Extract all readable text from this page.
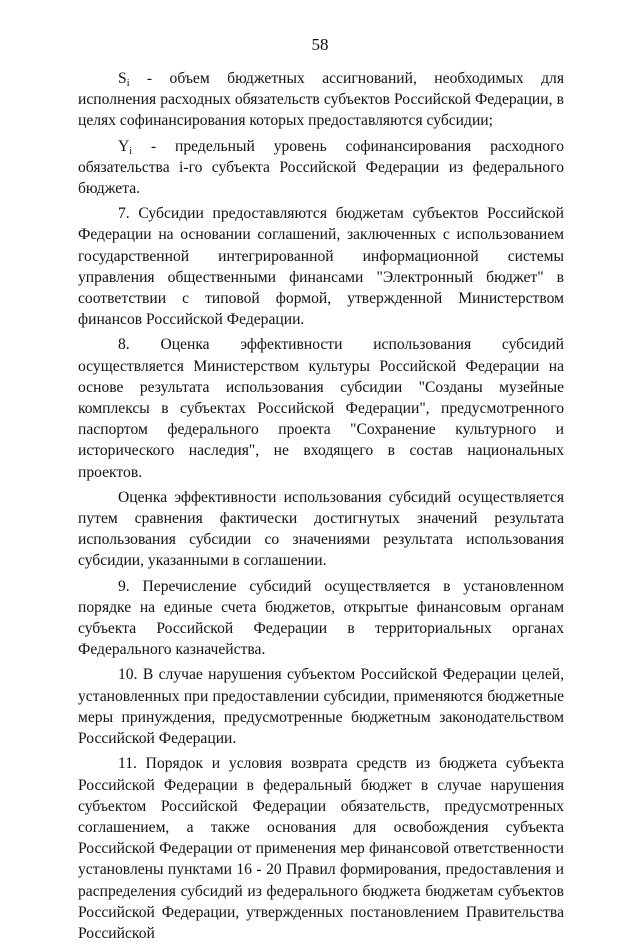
58

$S_i$ - объем бюджетных ассигнований, необходимых для исполнения расходных обязательств субъектов Российской Федерации, в целях софинансирования которых предоставляются субсидии;

$Y_i$ - предельный уровень софинансирования расходного обязательства i-го субъекта Российской Федерации из федерального бюджета.

7. Субсидии предоставляются бюджетам субъектов Российской Федерации на основании соглашений, заключенных с использованием государственной интегрированной информационной системы управления общественными финансами "Электронный бюджет" в соответствии с типовой формой, утвержденной Министерством финансов Российской Федерации.

8. Оценка эффективности использования субсидий осуществляется Министерством культуры Российской Федерации на основе результата использования субсидии "Созданы музейные комплексы в субъектах Российской Федерации", предусмотренного паспортом федерального проекта "Сохранение культурного и исторического наследия", не входящего в состав национальных проектов.

Оценка эффективности использования субсидий осуществляется путем сравнения фактически достигнутых значений результата использования субсидии со значениями результата использования субсидии, указанными в соглашении.

9. Перечисление субсидий осуществляется в установленном порядке на единые счета бюджетов, открытые финансовым органам субъекта Российской Федерации в территориальных органах Федерального казначейства.

10. В случае нарушения субъектом Российской Федерации целей, установленных при предоставлении субсидии, применяются бюджетные меры принуждения, предусмотренные бюджетным законодательством Российской Федерации.

11. Порядок и условия возврата средств из бюджета субъекта Российской Федерации в федеральный бюджет в случае нарушения субъектом Российской Федерации обязательств, предусмотренных соглашением, а также основания для освобождения субъекта Российской Федерации от применения мер финансовой ответственности установлены пунктами 16 - 20 Правил формирования, предоставления и распределения субсидий из федерального бюджета бюджетам субъектов Российской Федерации, утвержденных постановлением Правительства Российской
